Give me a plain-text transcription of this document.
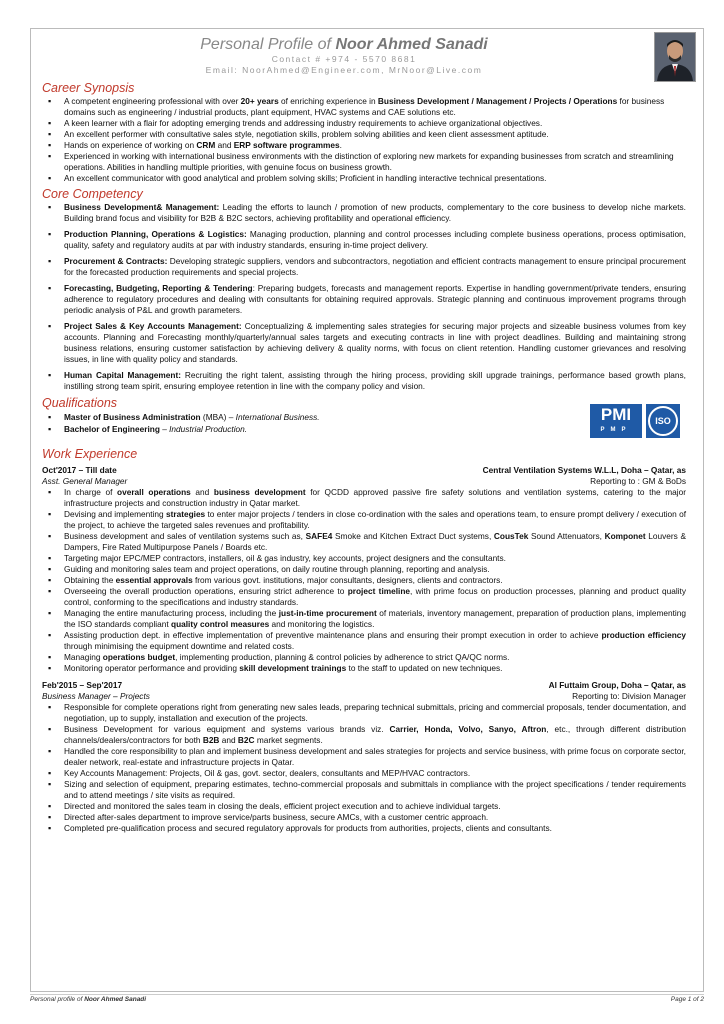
Personal Profile of Noor Ahmed Sanadi
Contact # +974 - 5570 8681
Email: NoorAhmed@Engineer.com, MrNoor@Live.com
Career Synopsis
▪ A competent engineering professional with over 20+ years of enriching experience in Business Development / Management / Projects / Operations for business domains such as engineering / industrial products, plant equipment, HVAC systems and CAE solutions etc.
▪ A keen learner with a flair for adopting emerging trends and addressing industry requirements to achieve organizational objectives.
▪ An excellent performer with consultative sales style, negotiation skills, problem solving abilities and keen client assessment aptitude.
▪ Hands on experience of working on CRM and ERP software programmes.
▪ Experienced in working with international business environments with the distinction of exploring new markets for expanding businesses from scratch and streamlining operations. Abilities in handling multiple priorities, with genuine focus on business growth.
▪ An excellent communicator with good analytical and problem solving skills; Proficient in handling interactive technical presentations.
Core Competency
▪ Business Development& Management: Leading the efforts to launch / promotion of new products, complementary to the core business to develop niche markets. Building brand focus and visibility for B2B & B2C sectors, achieving profitability and operational efficiency.
▪ Production Planning, Operations & Logistics: Managing production, planning and control processes including complete business operations, process optimisation, quality, safety and regulatory audits at par with industry standards, ensuring in-time project delivery.
▪ Procurement & Contracts: Developing strategic suppliers, vendors and subcontractors, negotiation and efficient contracts management to ensure principal procurement for the forecasted production requirements and special projects.
▪ Forecasting, Budgeting, Reporting & Tendering: Preparing budgets, forecasts and management reports. Expertise in handling government/private tenders, ensuring adherence to regulatory procedures and dealing with consultants for obtaining required approvals. Strategic planning and continuous improvement programs through periodic analysis of P&L and growth parameters.
▪ Project Sales & Key Accounts Management: Conceptualizing & implementing sales strategies for securing major projects and sizeable business volumes from key accounts. Planning and Forecasting monthly/quarterly/annual sales targets and executing contracts in line with project deadlines. Building and maintaining strong business relations, ensuring customer satisfaction by achieving delivery & quality norms, with focus on client retention. Handling customer grievances and resolving issues, in line with quality policy and standards.
▪ Human Capital Management: Recruiting the right talent, assisting through the hiring process, providing skill upgrade trainings, performance based growth plans, instilling strong team spirit, ensuring employee retention in line with the company policy and vision.
Qualifications
▪ Master of Business Administration (MBA) – International Business.
▪ Bachelor of Engineering – Industrial Production.
PMI
PMP
ISO
Work Experience
Oct'2017 – Till date	Central Ventilation Systems W.L.L, Doha – Qatar, as
Asst. General Manager	Reporting to : GM & BoDs
▪ In charge of overall operations and business development for QCDD approved passive fire safety solutions and ventilation systems, catering to the major infrastructure projects and construction industry in Qatar market.
▪ Devising and implementing strategies to enter major projects / tenders in close co-ordination with the sales and operations team, to ensure prompt delivery / execution of the project, to achieve the targeted sales revenues and profitability.
▪ Business development and sales of ventilation systems such as, SAFE4 Smoke and Kitchen Extract Duct systems, CousTek Sound Attenuators, Komponet Louvers & Dampers, Fire Rated Multipurpose Panels / Boards etc.
▪ Targeting major EPC/MEP contractors, installers, oil & gas industry, key accounts, project designers and the consultants.
▪ Guiding and monitoring sales team and project operations, on daily routine through planning, reporting and analysis.
▪ Obtaining the essential approvals from various govt. institutions, major consultants, designers, clients and contractors.
▪ Overseeing the overall production operations, ensuring strict adherence to project timeline, with prime focus on production processes, planning and product quality control, conforming to the specifications and industry standards.
▪ Managing the entire manufacturing process, including the just-in-time procurement of materials, inventory management, preparation of production plans, implementing the ISO standards compliant quality control measures and monitoring the logistics.
▪ Assisting production dept. in effective implementation of preventive maintenance plans and ensuring their prompt execution in order to achieve production efficiency through minimising the equipment downtime and related costs.
▪ Managing operations budget, implementing production, planning & control policies by adherence to strict QA/QC norms.
▪ Monitoring operator performance and providing skill development trainings to the staff to updated on new techniques.
Feb'2015 – Sep'2017	Al Futtaim Group, Doha – Qatar, as
Business Manager – Projects	Reporting to: Division Manager
▪ Responsible for complete operations right from generating new sales leads, preparing technical submittals, pricing and commercial proposals, tender documentation, and negotiation, up to supply, installation and execution of the projects.
▪ Business Development for various equipment and systems various brands viz. Carrier, Honda, Volvo, Sanyo, Aftron, etc., through different distribution channels/dealers/contractors for both B2B and B2C market segments.
▪ Handled the core responsibility to plan and implement business development and sales strategies for projects and service business, with prime focus on corporate sector, dealer network, real-estate and infrastructure projects in Qatar.
▪ Key Accounts Management: Projects, Oil & gas, govt. sector, dealers, consultants and MEP/HVAC contractors.
▪ Sizing and selection of equipment, preparing estimates, techno-commercial proposals and submittals in compliance with the project specifications / tender requirements and to attend meetings / site visits as required.
▪ Directed and monitored the sales team in closing the deals, efficient project execution and to achieve individual targets.
▪ Directed after-sales department to improve service/parts business, secure AMCs, with a customer centric approach.
▪ Completed pre-qualification process and secured regulatory approvals for products from authorities, projects, clients and consultants.
Personal profile of Noor Ahmed Sanadi	Page 1 of 2
